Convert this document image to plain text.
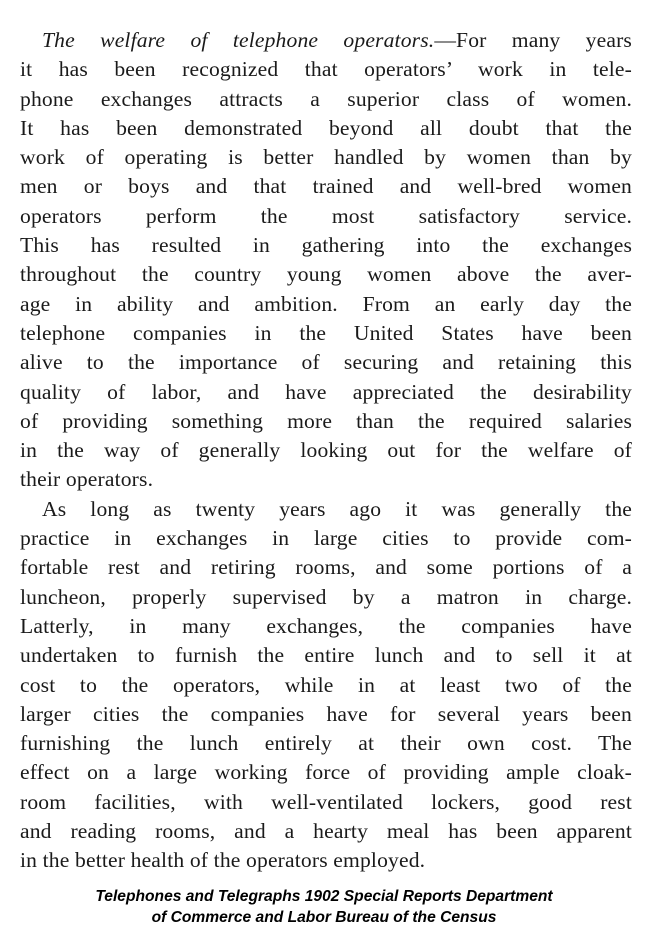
The welfare of telephone operators.—For many years
it has been recognized that operators’ work in tele-
phone exchanges attracts a superior class of women.
It has been demonstrated beyond all doubt that the
work of operating is better handled by women than by
men or boys and that trained and well-bred women
operators perform the most satisfactory service.
This has resulted in gathering into the exchanges
throughout the country young women above the aver-
age in ability and ambition. From an early day the
telephone companies in the United States have been
alive to the importance of securing and retaining this
quality of labor, and have appreciated the desirability
of providing something more than the required salaries
in the way of generally looking out for the welfare of
their operators.
As long as twenty years ago it was generally the
practice in exchanges in large cities to provide com-
fortable rest and retiring rooms, and some portions of a
luncheon, properly supervised by a matron in charge.
Latterly, in many exchanges, the companies have
undertaken to furnish the entire lunch and to sell it at
cost to the operators, while in at least two of the
larger cities the companies have for several years been
furnishing the lunch entirely at their own cost. The
effect on a large working force of providing ample cloak-
room facilities, with well-ventilated lockers, good rest
and reading rooms, and a hearty meal has been apparent
in the better health of the operators employed.
Telephones and Telegraphs 1902 Special Reports Department
of Commerce and Labor Bureau of the Census
